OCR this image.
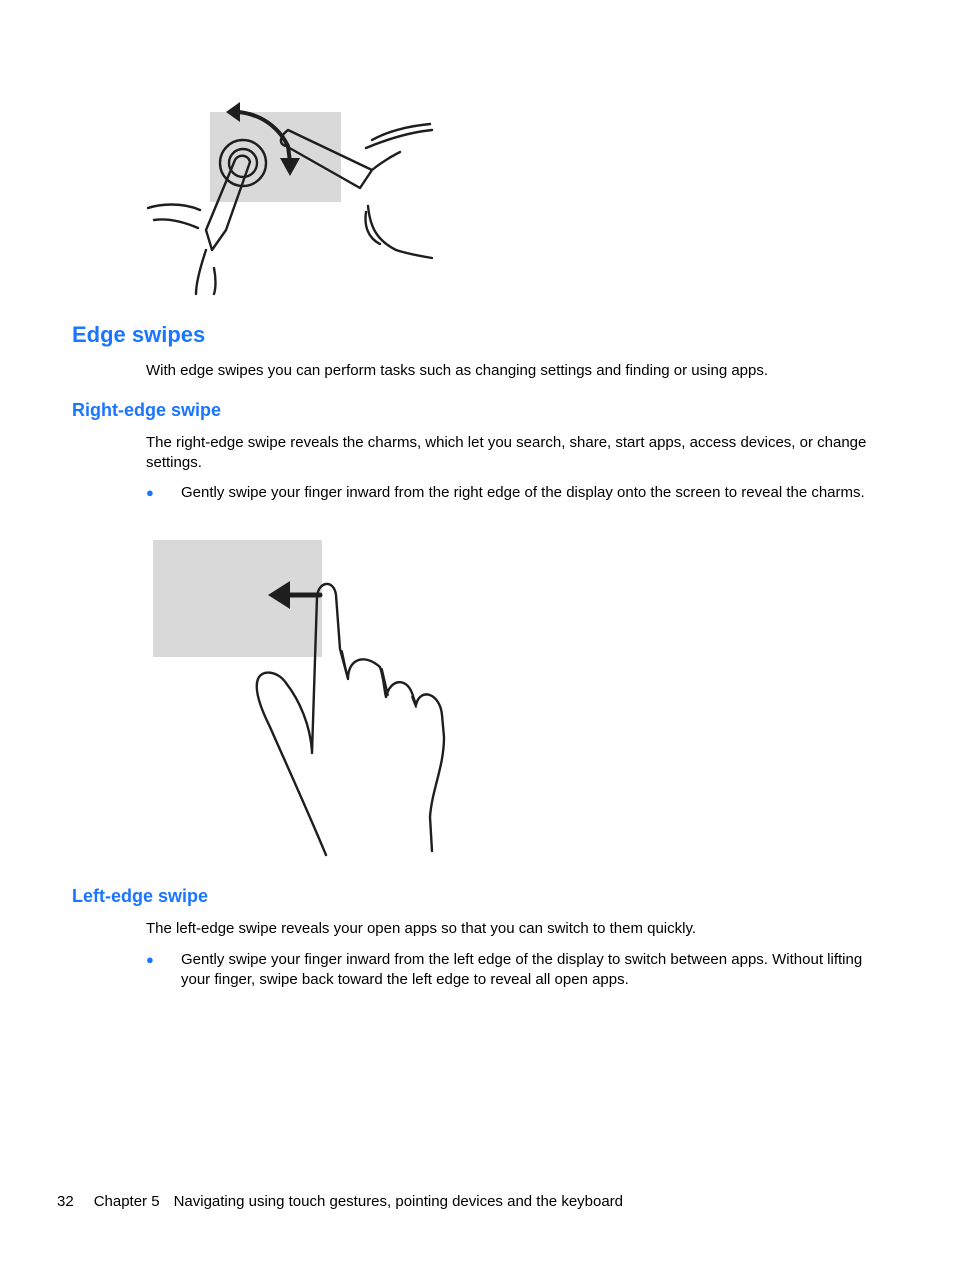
Edge swipes
With edge swipes you can perform tasks such as changing settings and finding or using apps.
Right-edge swipe
The right-edge swipe reveals the charms, which let you search, share, start apps, access devices, or change settings.
● Gently swipe your finger inward from the right edge of the display onto the screen to reveal the charms.
Left-edge swipe
The left-edge swipe reveals your open apps so that you can switch to them quickly.
● Gently swipe your finger inward from the left edge of the display to switch between apps. Without lifting your finger, swipe back toward the left edge to reveal all open apps.
32 Chapter 5 Navigating using touch gestures, pointing devices and the keyboard
